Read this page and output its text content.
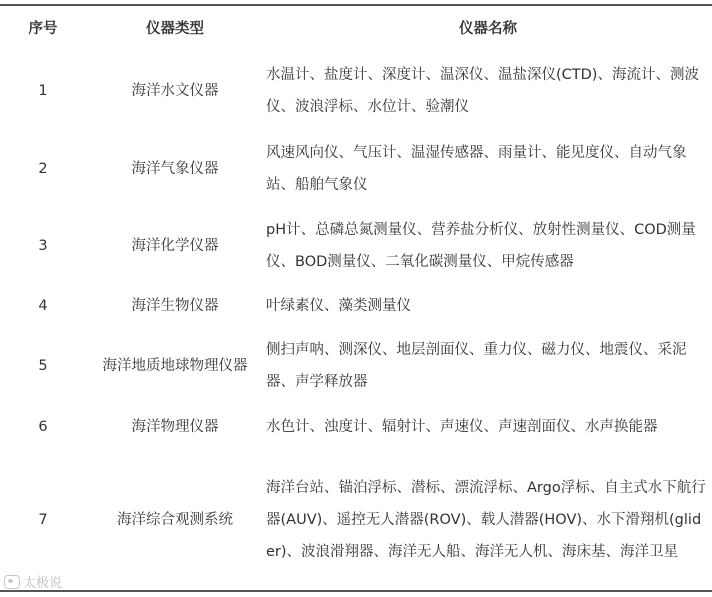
序号	仪器类型	仪器名称
1	海洋水文仪器	水温计、盐度计、深度计、温深仪、温盐深仪(CTD)、海流计、测波仪、波浪浮标、水位计、验潮仪
2	海洋气象仪器	风速风向仪、气压计、温湿传感器、雨量计、能见度仪、自动气象站、船舶气象仪
3	海洋化学仪器	pH计、总磷总氮测量仪、营养盐分析仪、放射性测量仪、COD测量仪、BOD测量仪、二氧化碳测量仪、甲烷传感器
4	海洋生物仪器	叶绿素仪、藻类测量仪
5	海洋地质地球物理仪器	侧扫声呐、测深仪、地层剖面仪、重力仪、磁力仪、地震仪、采泥器、声学释放器
6	海洋物理仪器	水色计、浊度计、辐射计、声速仪、声速剖面仪、水声换能器
7	海洋综合观测系统	海洋台站、锚泊浮标、潜标、漂流浮标、Argo浮标、自主式水下航行器(AUV)、遥控无人潜器(ROV)、载人潜器(HOV)、水下滑翔机(glider)、波浪滑翔器、海洋无人船、海洋无人机、海床基、海洋卫星
太极说
